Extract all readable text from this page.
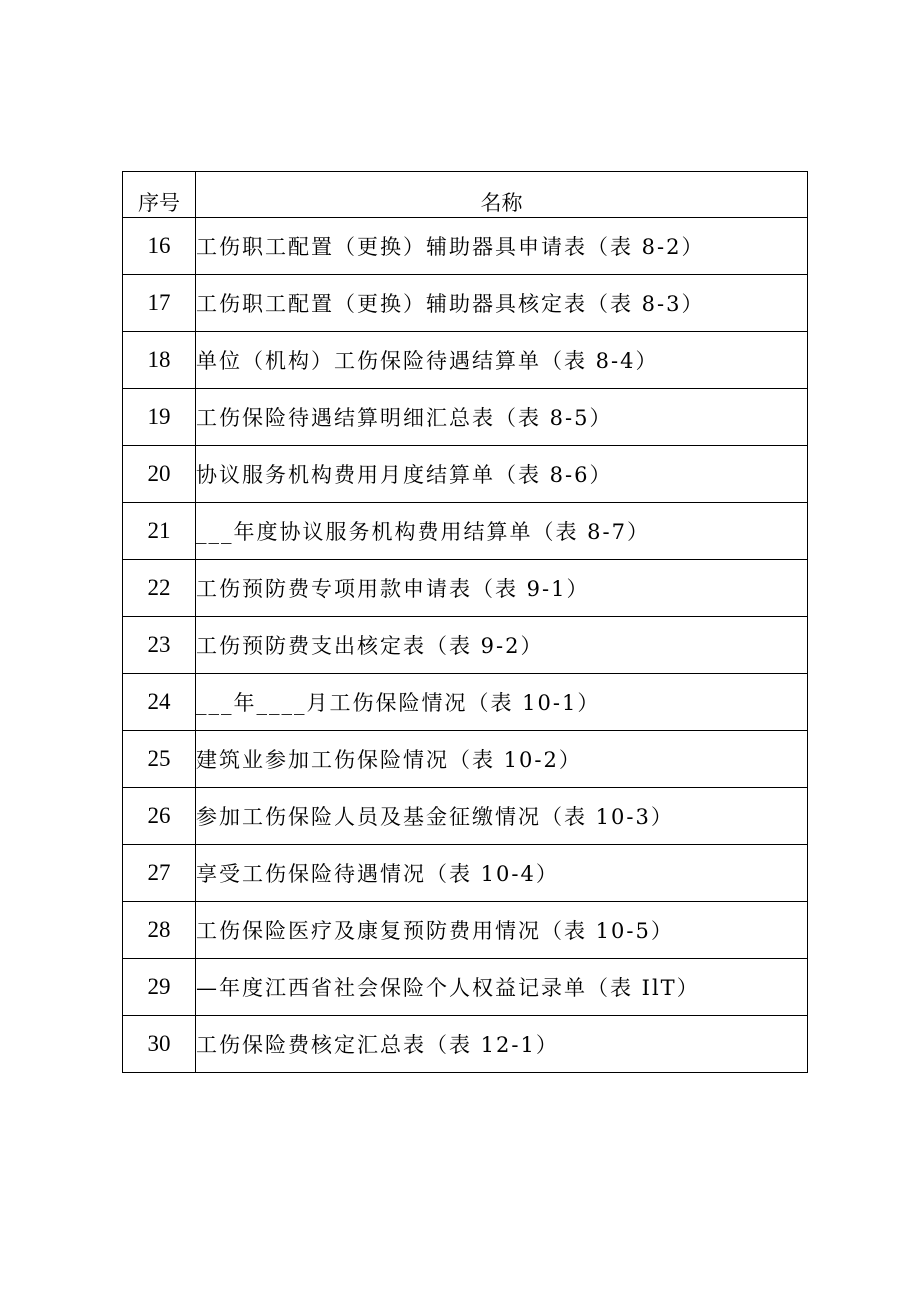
序号	名称
16	工伤职工配置（更换）辅助器具申请表（表 8-2）
17	工伤职工配置（更换）辅助器具核定表（表 8-3）
18	单位（机构）工伤保险待遇结算单（表 8-4）
19	工伤保险待遇结算明细汇总表（表 8-5）
20	协议服务机构费用月度结算单（表 8-6）
21	___年度协议服务机构费用结算单（表 8-7）
22	工伤预防费专项用款申请表（表 9-1）
23	工伤预防费支出核定表（表 9-2）
24	___年____月工伤保险情况（表 10-1）
25	建筑业参加工伤保险情况（表 10-2）
26	参加工伤保险人员及基金征缴情况（表 10-3）
27	享受工伤保险待遇情况（表 10-4）
28	工伤保险医疗及康复预防费用情况（表 10-5）
29	—年度江西省社会保险个人权益记录单（表 IlT）
30	工伤保险费核定汇总表（表 12-1）
